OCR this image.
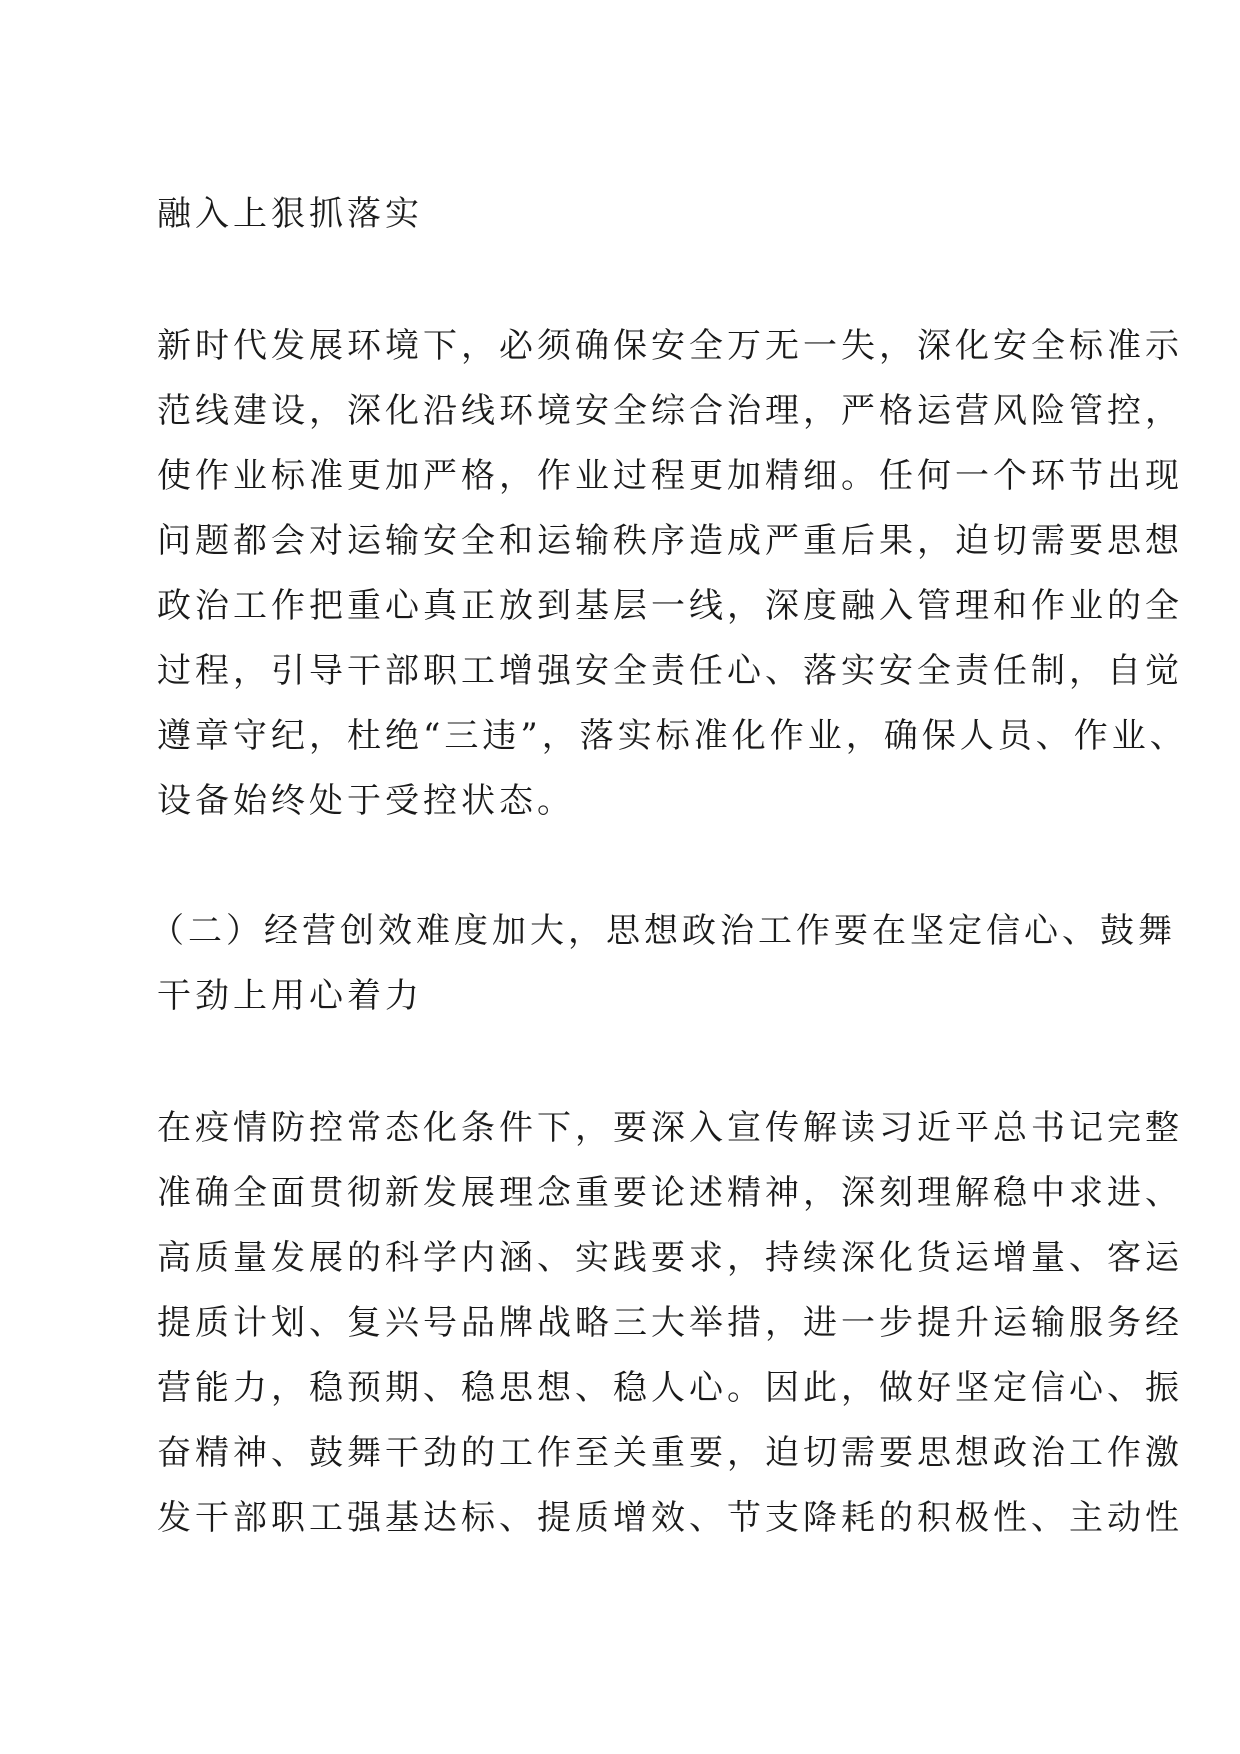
融入上狠抓落实

新时代发展环境下，必须确保安全万无一失，深化安全标准示

范线建设，深化沿线环境安全综合治理，严格运营风险管控，

使作业标准更加严格，作业过程更加精细。任何一个环节出现

问题都会对运输安全和运输秩序造成严重后果，迫切需要思想

政治工作把重心真正放到基层一线，深度融入管理和作业的全

过程，引导干部职工增强安全责任心、落实安全责任制，自觉

遵章守纪，杜绝“三违”，落实标准化作业，确保人员、作业、

设备始终处于受控状态。

（二）经营创效难度加大，思想政治工作要在坚定信心、鼓舞

干劲上用心着力

在疫情防控常态化条件下，要深入宣传解读习近平总书记完整

准确全面贯彻新发展理念重要论述精神，深刻理解稳中求进、

高质量发展的科学内涵、实践要求，持续深化货运增量、客运

提质计划、复兴号品牌战略三大举措，进一步提升运输服务经

营能力，稳预期、稳思想、稳人心。因此，做好坚定信心、振

奋精神、鼓舞干劲的工作至关重要，迫切需要思想政治工作激

发干部职工强基达标、提质增效、节支降耗的积极性、主动性
